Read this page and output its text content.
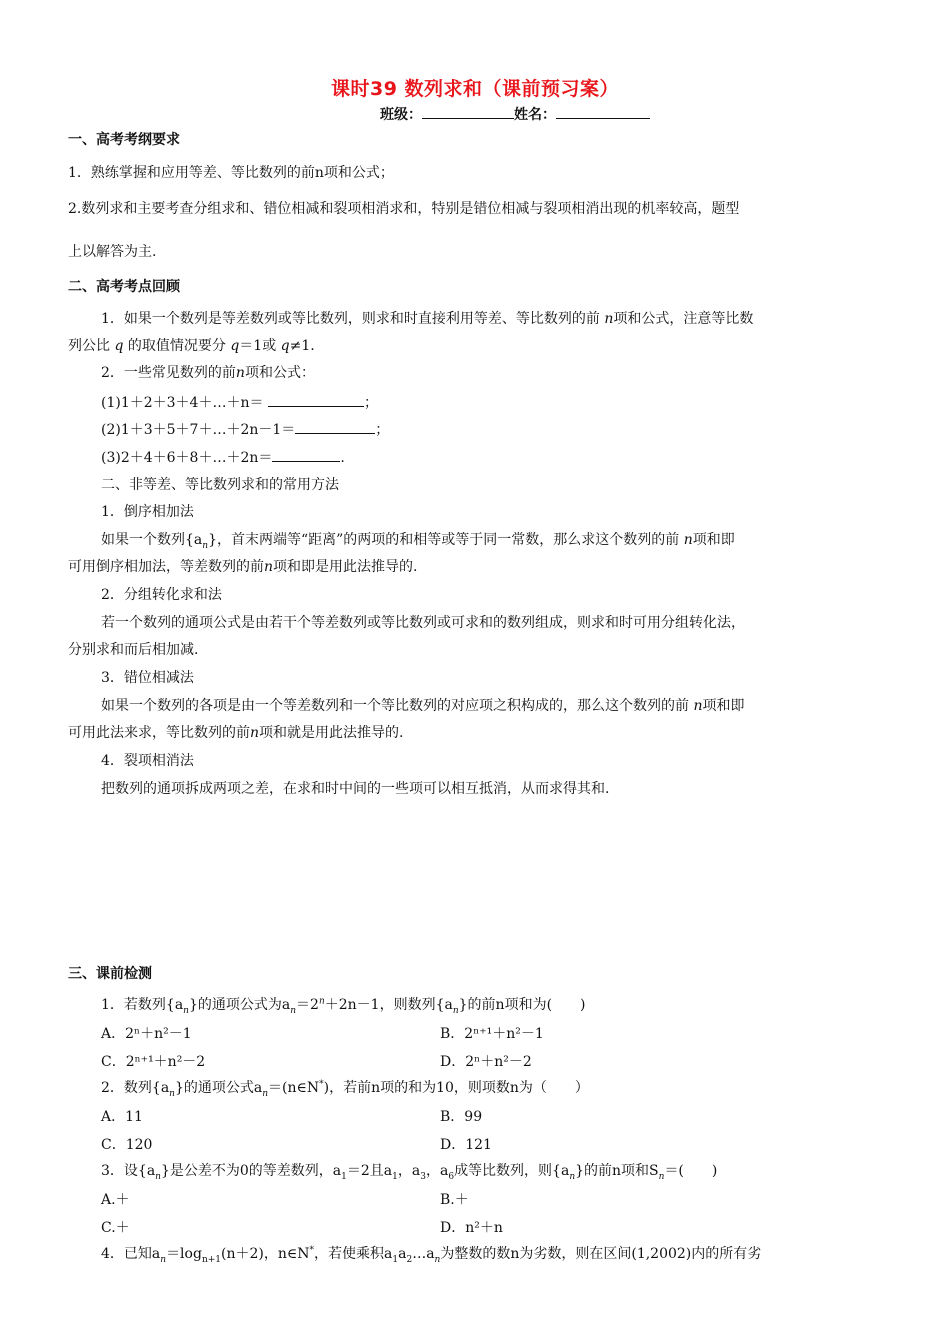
课时39 数列求和（课前预习案）
班级：	姓名：
一、高考考纲要求
1．熟练掌握和应用等差、等比数列的前n项和公式；
2.数列求和主要考查分组求和、错位相减和裂项相消求和，特别是错位相减与裂项相消出现的机率较高，题型
上以解答为主.
二、高考考点回顾
1．如果一个数列是等差数列或等比数列，则求和时直接利用等差、等比数列的前 n项和公式，注意等比数
列公比 q 的取值情况要分 q＝1或 q≠1.
2．一些常见数列的前n项和公式：
(1)1＋2＋3＋4＋…＋n＝	；
(2)1＋3＋5＋7＋…＋2n－1＝	；
(3)2＋4＋6＋8＋…＋2n＝	.
二、非等差、等比数列求和的常用方法
1．倒序相加法
如果一个数列$\{a_n\}$，首末两端等“距离”的两项的和相等或等于同一常数，那么求这个数列的前 n项和即
可用倒序相加法，等差数列的前n项和即是用此法推导的.
2．分组转化求和法
若一个数列的通项公式是由若干个等差数列或等比数列或可求和的数列组成，则求和时可用分组转化法，
分别求和而后相加减.
3．错位相减法
如果一个数列的各项是由一个等差数列和一个等比数列的对应项之积构成的，那么这个数列的前 n项和即
可用此法来求，等比数列的前n项和就是用此法推导的.
4．裂项相消法
把数列的通项拆成两项之差，在求和时中间的一些项可以相互抵消，从而求得其和.
三、课前检测
1．若数列$\{a_n\}$的通项公式为$a_n=2^n+2n-1$，则数列$\{a_n\}$的前n项和为(　　)
A．2ⁿ＋n²－1	B．2ⁿ⁺¹＋n²－1
C．2ⁿ⁺¹＋n²－2	D．2ⁿ＋n²－2
2．数列$\{a_n\}$的通项公式$a_n=(n\in N^*)$，若前n项的和为10，则项数n为（　　）
A．11	B．99
C．120	D．121
3．设$\{a_n\}$是公差不为0的等差数列，$a_1=2$且$a_1$，$a_3$，$a_6$成等比数列，则$\{a_n\}$的前n项和$S_n=$(　　)
A.＋	B.＋
C.＋	D．n²＋n
4．已知$a_n=\log_{n+1}(n+2)$，n∈N*，若使乘积$a_1a_2\dots a_n$为整数的数n为劣数，则在区间(1,2002)内的所有劣
